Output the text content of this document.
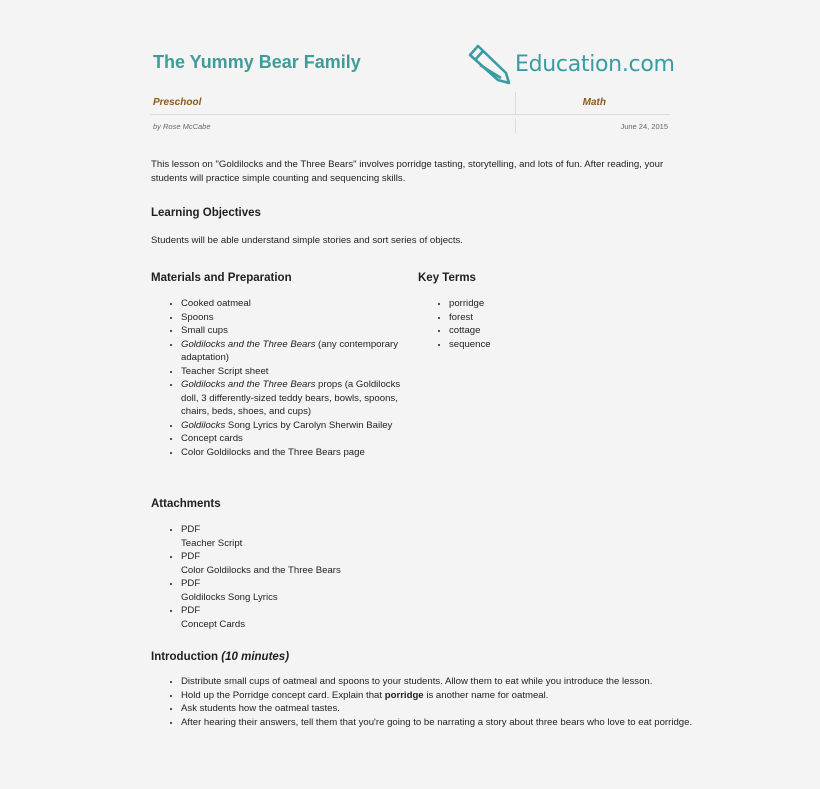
The Yummy Bear Family	Education.com
Preschool	Math
by Rose McCabe	June 24, 2015

This lesson on "Goldilocks and the Three Bears" involves porridge tasting, storytelling, and lots of fun. After reading, your students will practice simple counting and sequencing skills.

Learning Objectives

Students will be able understand simple stories and sort series of objects.

Materials and Preparation
• Cooked oatmeal
• Spoons
• Small cups
• Goldilocks and the Three Bears (any contemporary adaptation)
• Teacher Script sheet
• Goldilocks and the Three Bears props (a Goldilocks doll, 3 differently-sized teddy bears, bowls, spoons, chairs, beds, shoes, and cups)
• Goldilocks Song Lyrics by Carolyn Sherwin Bailey
• Concept cards
• Color Goldilocks and the Three Bears page
Key Terms
• porridge
• forest
• cottage
• sequence
Attachments
• PDF
Teacher Script
• PDF
Color Goldilocks and the Three Bears
• PDF
Goldilocks Song Lyrics
• PDF
Concept Cards
Introduction (10 minutes)
• Distribute small cups of oatmeal and spoons to your students. Allow them to eat while you introduce the lesson.
• Hold up the Porridge concept card. Explain that porridge is another name for oatmeal.
• Ask students how the oatmeal tastes.
• After hearing their answers, tell them that you're going to be narrating a story about three bears who love to eat porridge.
